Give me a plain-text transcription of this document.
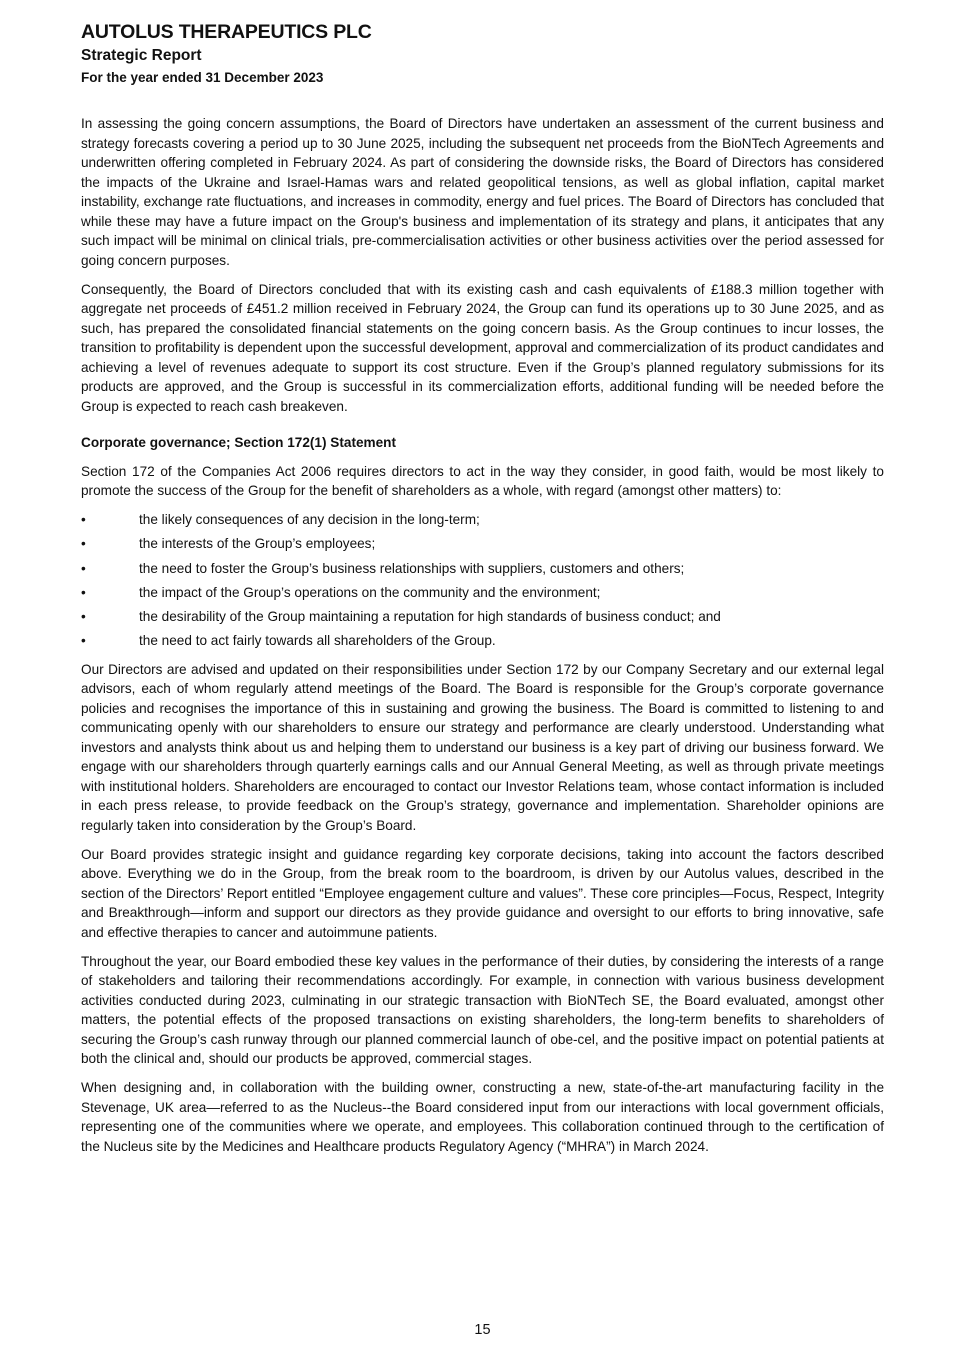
AUTOLUS THERAPEUTICS PLC
Strategic Report
For the year ended 31 December 2023

In assessing the going concern assumptions, the Board of Directors have undertaken an assessment of the current business and strategy forecasts covering a period up to 30 June 2025, including the subsequent net proceeds from the BioNTech Agreements and underwritten offering completed in February 2024. As part of considering the downside risks, the Board of Directors has considered the impacts of the Ukraine and Israel-Hamas wars and related geopolitical tensions, as well as global inflation, capital market instability, exchange rate fluctuations, and increases in commodity, energy and fuel prices. The Board of Directors has concluded that while these may have a future impact on the Group's business and implementation of its strategy and plans, it anticipates that any such impact will be minimal on clinical trials, pre-commercialisation activities or other business activities over the period assessed for going concern purposes.

Consequently, the Board of Directors concluded that with its existing cash and cash equivalents of £188.3 million together with aggregate net proceeds of £451.2 million received in February 2024, the Group can fund its operations up to 30 June 2025, and as such, has prepared the consolidated financial statements on the going concern basis. As the Group continues to incur losses, the transition to profitability is dependent upon the successful development, approval and commercialization of its product candidates and achieving a level of revenues adequate to support its cost structure. Even if the Group’s planned regulatory submissions for its products are approved, and the Group is successful in its commercialization efforts, additional funding will be needed before the Group is expected to reach cash breakeven.

Corporate governance; Section 172(1) Statement

Section 172 of the Companies Act 2006 requires directors to act in the way they consider, in good faith, would be most likely to promote the success of the Group for the benefit of shareholders as a whole, with regard (amongst other matters) to:

•	the likely consequences of any decision in the long-term;
•	the interests of the Group’s employees;
•	the need to foster the Group’s business relationships with suppliers, customers and others;
•	the impact of the Group’s operations on the community and the environment;
•	the desirability of the Group maintaining a reputation for high standards of business conduct; and
•	the need to act fairly towards all shareholders of the Group.

Our Directors are advised and updated on their responsibilities under Section 172 by our Company Secretary and our external legal advisors, each of whom regularly attend meetings of the Board. The Board is responsible for the Group’s corporate governance policies and recognises the importance of this in sustaining and growing the business. The Board is committed to listening to and communicating openly with our shareholders to ensure our strategy and performance are clearly understood. Understanding what investors and analysts think about us and helping them to understand our business is a key part of driving our business forward. We engage with our shareholders through quarterly earnings calls and our Annual General Meeting, as well as through private meetings with institutional holders. Shareholders are encouraged to contact our Investor Relations team, whose contact information is included in each press release, to provide feedback on the Group’s strategy, governance and implementation. Shareholder opinions are regularly taken into consideration by the Group’s Board.

Our Board provides strategic insight and guidance regarding key corporate decisions, taking into account the factors described above. Everything we do in the Group, from the break room to the boardroom, is driven by our Autolus values, described in the section of the Directors’ Report entitled “Employee engagement culture and values”. These core principles—Focus, Respect, Integrity and Breakthrough—inform and support our directors as they provide guidance and oversight to our efforts to bring innovative, safe and effective therapies to cancer and autoimmune patients.

Throughout the year, our Board embodied these key values in the performance of their duties, by considering the interests of a range of stakeholders and tailoring their recommendations accordingly. For example, in connection with various business development activities conducted during 2023, culminating in our strategic transaction with BioNTech SE, the Board evaluated, amongst other matters, the potential effects of the proposed transactions on existing shareholders, the long-term benefits to shareholders of securing the Group’s cash runway through our planned commercial launch of obe-cel, and the positive impact on potential patients at both the clinical and, should our products be approved, commercial stages.

When designing and, in collaboration with the building owner, constructing a new, state-of-the-art manufacturing facility in the Stevenage, UK area—referred to as the Nucleus--the Board considered input from our interactions with local government officials, representing one of the communities where we operate, and employees. This collaboration continued through to the certification of the Nucleus site by the Medicines and Healthcare products Regulatory Agency (“MHRA”) in March 2024.

15
